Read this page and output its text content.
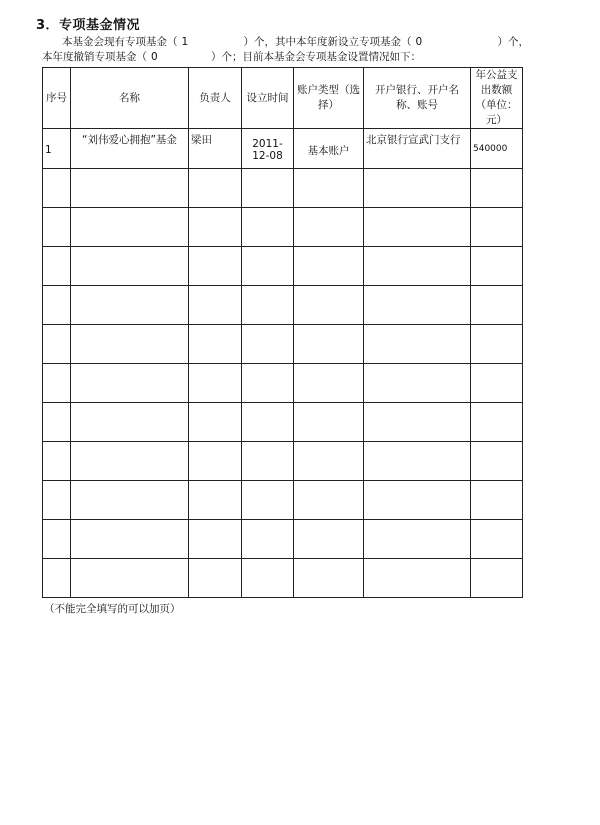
3．专项基金情况
本基金会现有专项基金（ 1	）个，其中本年度新设立专项基金（ 0	）个，
本年度撤销专项基金（ 0	）个；目前本基金会专项基金设置情况如下：
序号	名称	负责人	设立时间	账户类型（选择）	开户银行、开户名称、账号	年公益支出数额（单位：元）
1	“刘伟爱心拥抱”基金	梁田	2011-12-08	基本账户	北京银行宣武门支行	540000

（不能完全填写的可以加页）
